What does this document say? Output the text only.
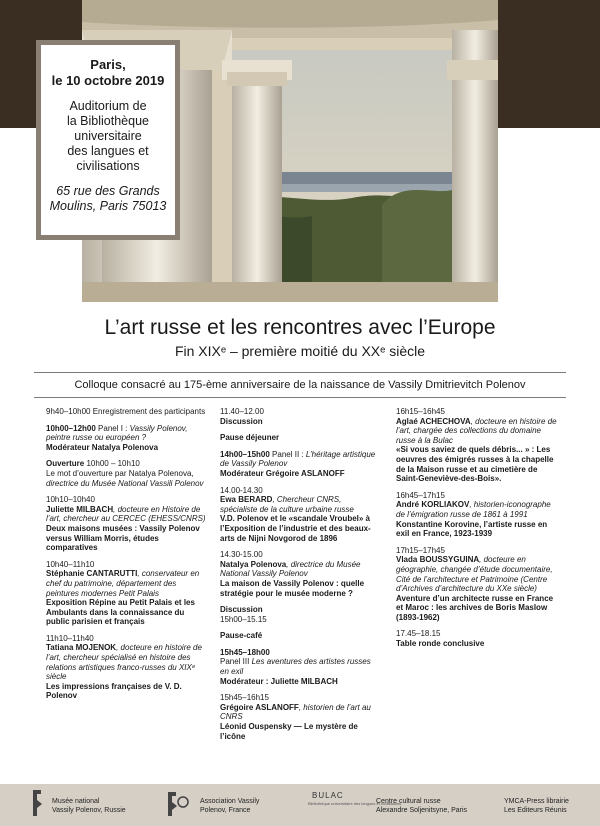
Paris,
le 10 octobre 2019
Auditorium de
la Bibliothèque
universitaire
des langues et
civilisations
65 rue des Grands
Moulins, Paris 75013
L’art russe et les rencontres avec l’Europe
Fin XIXᵉ – première moitié du XXᵉ siècle
Colloque consacré au 175-ème anniversaire de la naissance de Vassily Dmitrievitch Polenov
9h40–10h00 Enregistrement des participants
10h00–12h00 Panel I : Vassily Polenov, peintre russe ou européen ?
Modérateur Natalya Polenova
Ouverture 10h00 – 10h10
Le mot d’ouverture par Natalya Polenova, directrice du Musée National Vassili Polenov
10h10–10h40
Juliette MILBACH, docteure en Histoire de l’art, chercheur au CERCEC (EHESS/CNRS)
Deux maisons musées : Vassily Polenov versus William Morris, études comparatives
10h40–11h10
Stéphanie CANTARUTTI, conservateur en chef du patrimoine, département des peintures modernes Petit Palais
Exposition Répine au Petit Palais et les Ambulants dans la connaissance du public parisien et français
11h10–11h40
Tatiana MOJENOK, docteure en histoire de l’art, chercheur spécialisé en histoire des relations artistiques franco-russes du XIXᵉ siècle
Les impressions françaises de V. D. Polenov
11.40–12.00
Discussion
Pause déjeuner
14h00–15h00 Panel II : L’héritage artistique de Vassily Polenov
Modérateur Grégoire ASLANOFF
14.00-14.30
Ewa BERARD, Chercheur CNRS, spécialiste de la culture urbaine russe
V.D. Polenov et le «scandale Vroubel» à l’Exposition de l’industrie et des beaux-arts de Nijni Novgorod de 1896
14.30-15.00
Natalya Polenova, directrice du Musée National Vassily Polenov
La maison de Vassily Polenov : quelle stratégie pour le musée moderne ?
Discussion
15h00–15.15
Pause-café
15h45–18h00
Panel III Les aventures des artistes russes en exil
Modérateur : Juliette MILBACH
15h45–16h15
Grégoire ASLANOFF, historien de l’art au CNRS
Léonid Ouspensky — Le mystère de l’icône
16h15–16h45
Aglaé ACHECHOVA, docteure en histoire de l’art, chargée des collections du domaine russe à la Bulac
«Si vous saviez de quels débris... » : Les oeuvres des émigrés russes à la chapelle de la Maison russe et au cimetière de Saint-Geneviève-des-Bois».
16h45–17h15
André KORLIAKOV, historien-iconographe de l’émigration russe de 1861 à 1991
Konstantine Korovine, l’artiste russe en exil en France, 1923-1939
17h15–17h45
Vlada BOUSSYGUINA, docteure en géographie, changée d’étude documentaire, Cité de l’architecture et Patrimoine (Centre d’Archives d’architecture du XXe siècle)
Aventure d’un architecte russe en France et Maroc : les archives de Boris Maslow (1893-1962)
17.45–18.15
Table ronde conclusive
Musée national
Vassily Polenov, Russie
Association Vassily
Polenov, France
BULAC
Bibliothèque universitaire des langues et civilisations
Centre cultural russe
Alexandre Soljenitsyne, Paris
YMCA-Press librairie
Les Editeurs Réunis
